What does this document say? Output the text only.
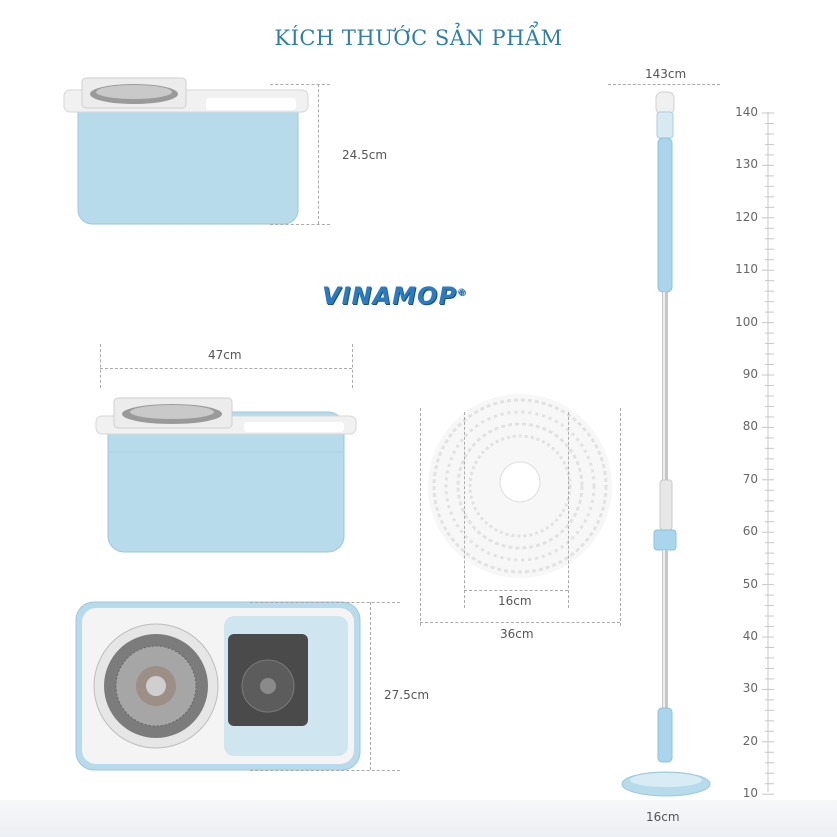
KÍCH THƯỚC SẢN PHẨM
24.5cm
VINAMOP®
47cm
27.5cm
16cm
36cm
143cm
16cm
140
130
120
110
100
90
80
70
60
50
40
30
20
10
